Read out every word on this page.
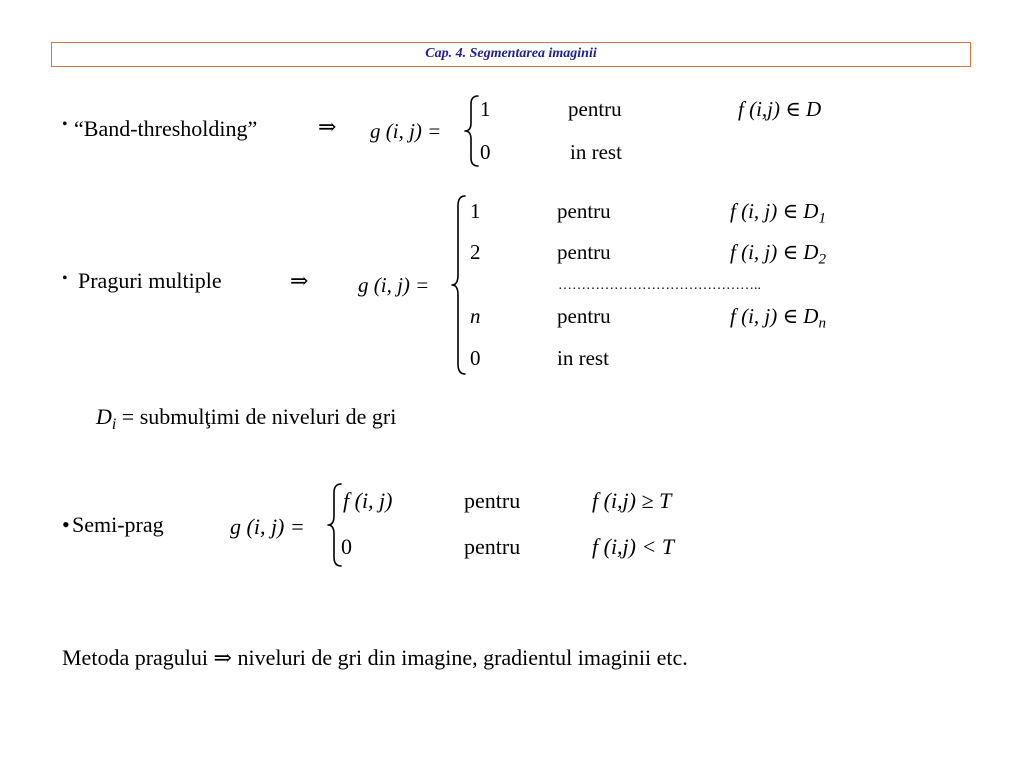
Cap. 4. Segmentarea imaginii
• “Band-thresholding”	⇒ g (i, j) =
1	pentru	f (i,j) ∈ D
0	in rest
• Praguri multiple	⇒ g (i, j) =
1	pentru	f (i, j) ∈ $D_1$
2	pentru	f (i, j) ∈ $D_2$
……………………………………..
n	pentru	f (i, j) ∈ $D_n$
0	in rest
$D_i$ = submulţimi de niveluri de gri
• Semi-prag	g (i, j) =
f (i, j)	pentru	f (i,j) ≥ T
0	pentru	f (i,j) < T
Metoda pragului ⇒ niveluri de gri din imagine, gradientul imaginii etc.
